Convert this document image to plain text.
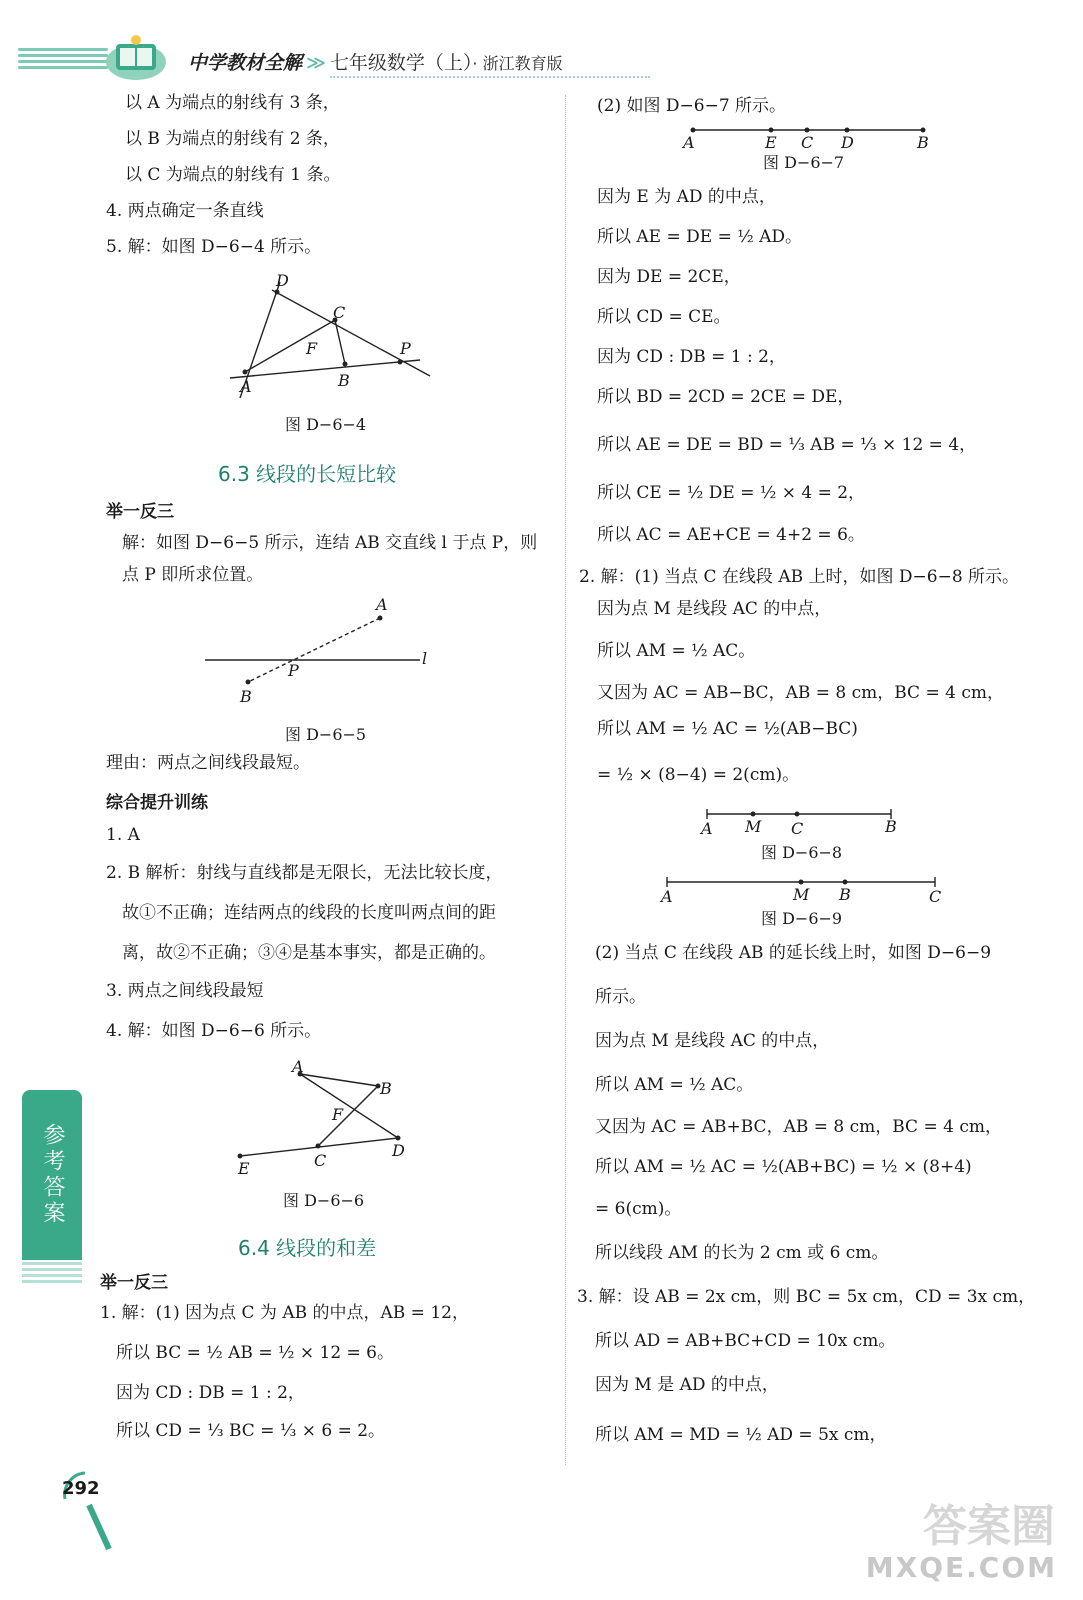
中学教材全解 ≫ 七年级数学（上）· 浙江教育版
以 A 为端点的射线有 3 条，
以 B 为端点的射线有 2 条，
以 C 为端点的射线有 1 条。
4. 两点确定一条直线
5. 解：如图 D−6−4 所示。
D
C
F	P
A	B
图 D−6−4
6.3 线段的长短比较
举一反三
解：如图 D−6−5 所示，连结 AB 交直线 l 于点 P，则
点 P 即所求位置。
A
l
P
B
图 D−6−5
理由：两点之间线段最短。
综合提升训练
1. A
2. B 解析：射线与直线都是无限长，无法比较长度，
故①不正确；连结两点的线段的长度叫两点间的距
离，故②不正确；③④是基本事实，都是正确的。
3. 两点之间线段最短
4. 解：如图 D−6−6 所示。
A
B
F
E	C
D
图 D−6−6
6.4 线段的和差
举一反三
1. 解：(1) 因为点 C 为 AB 的中点，AB = 12，
所以 BC = ½ AB = ½ × 12 = 6。
因为 CD : DB = 1 : 2，
所以 CD = ⅓ BC = ⅓ × 6 = 2。
(2) 如图 D−6−7 所示。
A	E C D	B
图 D−6−7
因为 E 为 AD 的中点，
所以 AE = DE = ½ AD。
因为 DE = 2CE，
所以 CD = CE。
因为 CD : DB = 1 : 2，
所以 BD = 2CD = 2CE = DE，
所以 AE = DE = BD = ⅓ AB = ⅓ × 12 = 4，
所以 CE = ½ DE = ½ × 4 = 2，
所以 AC = AE+CE = 4+2 = 6。
2. 解：(1) 当点 C 在线段 AB 上时，如图 D−6−8 所示。
因为点 M 是线段 AC 的中点，
所以 AM = ½ AC。
又因为 AC = AB−BC，AB = 8 cm，BC = 4 cm，
所以 AM = ½ AC = ½(AB−BC)
= ½ × (8−4) = 2(cm)。
A M C	B
图 D−6−8
A	M B	C
图 D−6−9
(2) 当点 C 在线段 AB 的延长线上时，如图 D−6−9
所示。
因为点 M 是线段 AC 的中点，
所以 AM = ½ AC。
又因为 AC = AB+BC，AB = 8 cm，BC = 4 cm，
所以 AM = ½ AC = ½(AB+BC) = ½ × (8+4)
= 6(cm)。
所以线段 AM 的长为 2 cm 或 6 cm。
3. 解：设 AB = 2x cm，则 BC = 5x cm，CD = 3x cm，
所以 AD = AB+BC+CD = 10x cm。
因为 M 是 AD 的中点，
所以 AM = MD = ½ AD = 5x cm，
参考答案
292
答案圈
MXQE.COM
